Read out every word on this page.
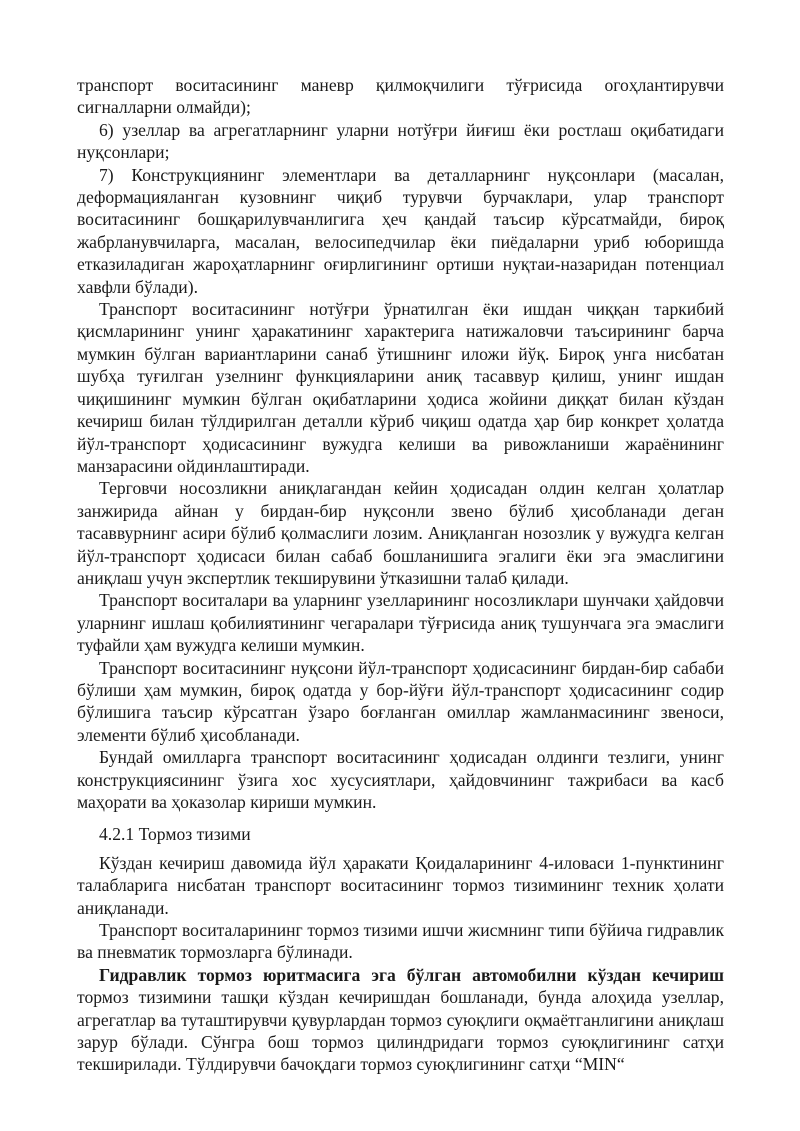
транспорт воситасининг маневр қилмоқчилиги тўғрисида огоҳлантирувчи сигналларни олмайди);

6) узеллар ва агрегатларнинг уларни нотўғри йиғиш ёки ростлаш оқибатидаги нуқсонлари;

7) Конструкциянинг элементлари ва деталларнинг нуқсонлари (масалан, деформацияланган кузовнинг чиқиб турувчи бурчаклари, улар транспорт воситасининг бошқарилувчанлигига ҳеч қандай таъсир кўрсатмайди, бироқ жабрланувчиларга, масалан, велосипедчилар ёки пиёдаларни уриб юборишда етказиладиган жароҳатларнинг оғирлигининг ортиши нуқтаи-назаридан потенциал хавфли бўлади).

Транспорт воситасининг нотўғри ўрнатилган ёки ишдан чиққан таркибий қисмларининг унинг ҳаракатининг характерига натижаловчи таъсирининг барча мумкин бўлган вариантларини санаб ўтишнинг иложи йўқ. Бироқ унга нисбатан шубҳа туғилган узелнинг функцияларини аниқ тасаввур қилиш, унинг ишдан чиқишининг мумкин бўлган оқибатларини ҳодиса жойини диққат билан кўздан кечириш билан тўлдирилган деталли кўриб чиқиш одатда ҳар бир конкрет ҳолатда йўл-транспорт ҳодисасининг вужудга келиши ва ривожланиши жараёнининг манзарасини ойдинлаштиради.

Терговчи носозликни аниқлагандан кейин ҳодисадан олдин келган ҳолатлар занжирида айнан у бирдан-бир нуқсонли звено бўлиб ҳисобланади деган тасаввурнинг асири бўлиб қолмаслиги лозим. Аниқланган нозозлик у вужудга келган йўл-транспорт ҳодисаси билан сабаб бошланишига эгалиги ёки эга эмаслигини аниқлаш учун экспертлик текширувини ўтказишни талаб қилади.

Транспорт воситалари ва уларнинг узелларининг носозликлари шунчаки ҳайдовчи уларнинг ишлаш қобилиятининг чегаралари тўғрисида аниқ тушунчага эга эмаслиги туфайли ҳам вужудга келиши мумкин.

Транспорт воситасининг нуқсони йўл-транспорт ҳодисасининг бирдан-бир сабаби бўлиши ҳам мумкин, бироқ одатда у бор-йўғи йўл-транспорт ҳодисасининг содир бўлишига таъсир кўрсатган ўзаро боғланган омиллар жамланмасининг звеноси, элементи бўлиб ҳисобланади.

Бундай омилларга транспорт воситасининг ҳодисадан олдинги тезлиги, унинг конструкциясининг ўзига хос хусусиятлари, ҳайдовчининг тажрибаси ва касб маҳорати ва ҳоказолар кириши мумкин.

4.2.1 Тормоз тизими

Кўздан кечириш давомида йўл ҳаракати Қоидаларининг 4-иловаси 1-пунктининг талабларига нисбатан транспорт воситасининг тормоз тизимининг техник ҳолати аниқланади.

Транспорт воситаларининг тормоз тизими ишчи жисмнинг типи бўйича гидравлик ва пневматик тормозларга бўлинади.

Гидравлик тормоз юритмасига эга бўлган автомобилни кўздан кечириш тормоз тизимини ташқи кўздан кечиришдан бошланади, бунда алоҳида узеллар, агрегатлар ва туташтирувчи қувурлардан тормоз суюқлиги оқмаётганлигини аниқлаш зарур бўлади. Сўнгра бош тормоз цилиндридаги тормоз суюқлигининг сатҳи текширилади. Тўлдирувчи бачоқдаги тормоз суюқлигининг сатҳи “MIN“
